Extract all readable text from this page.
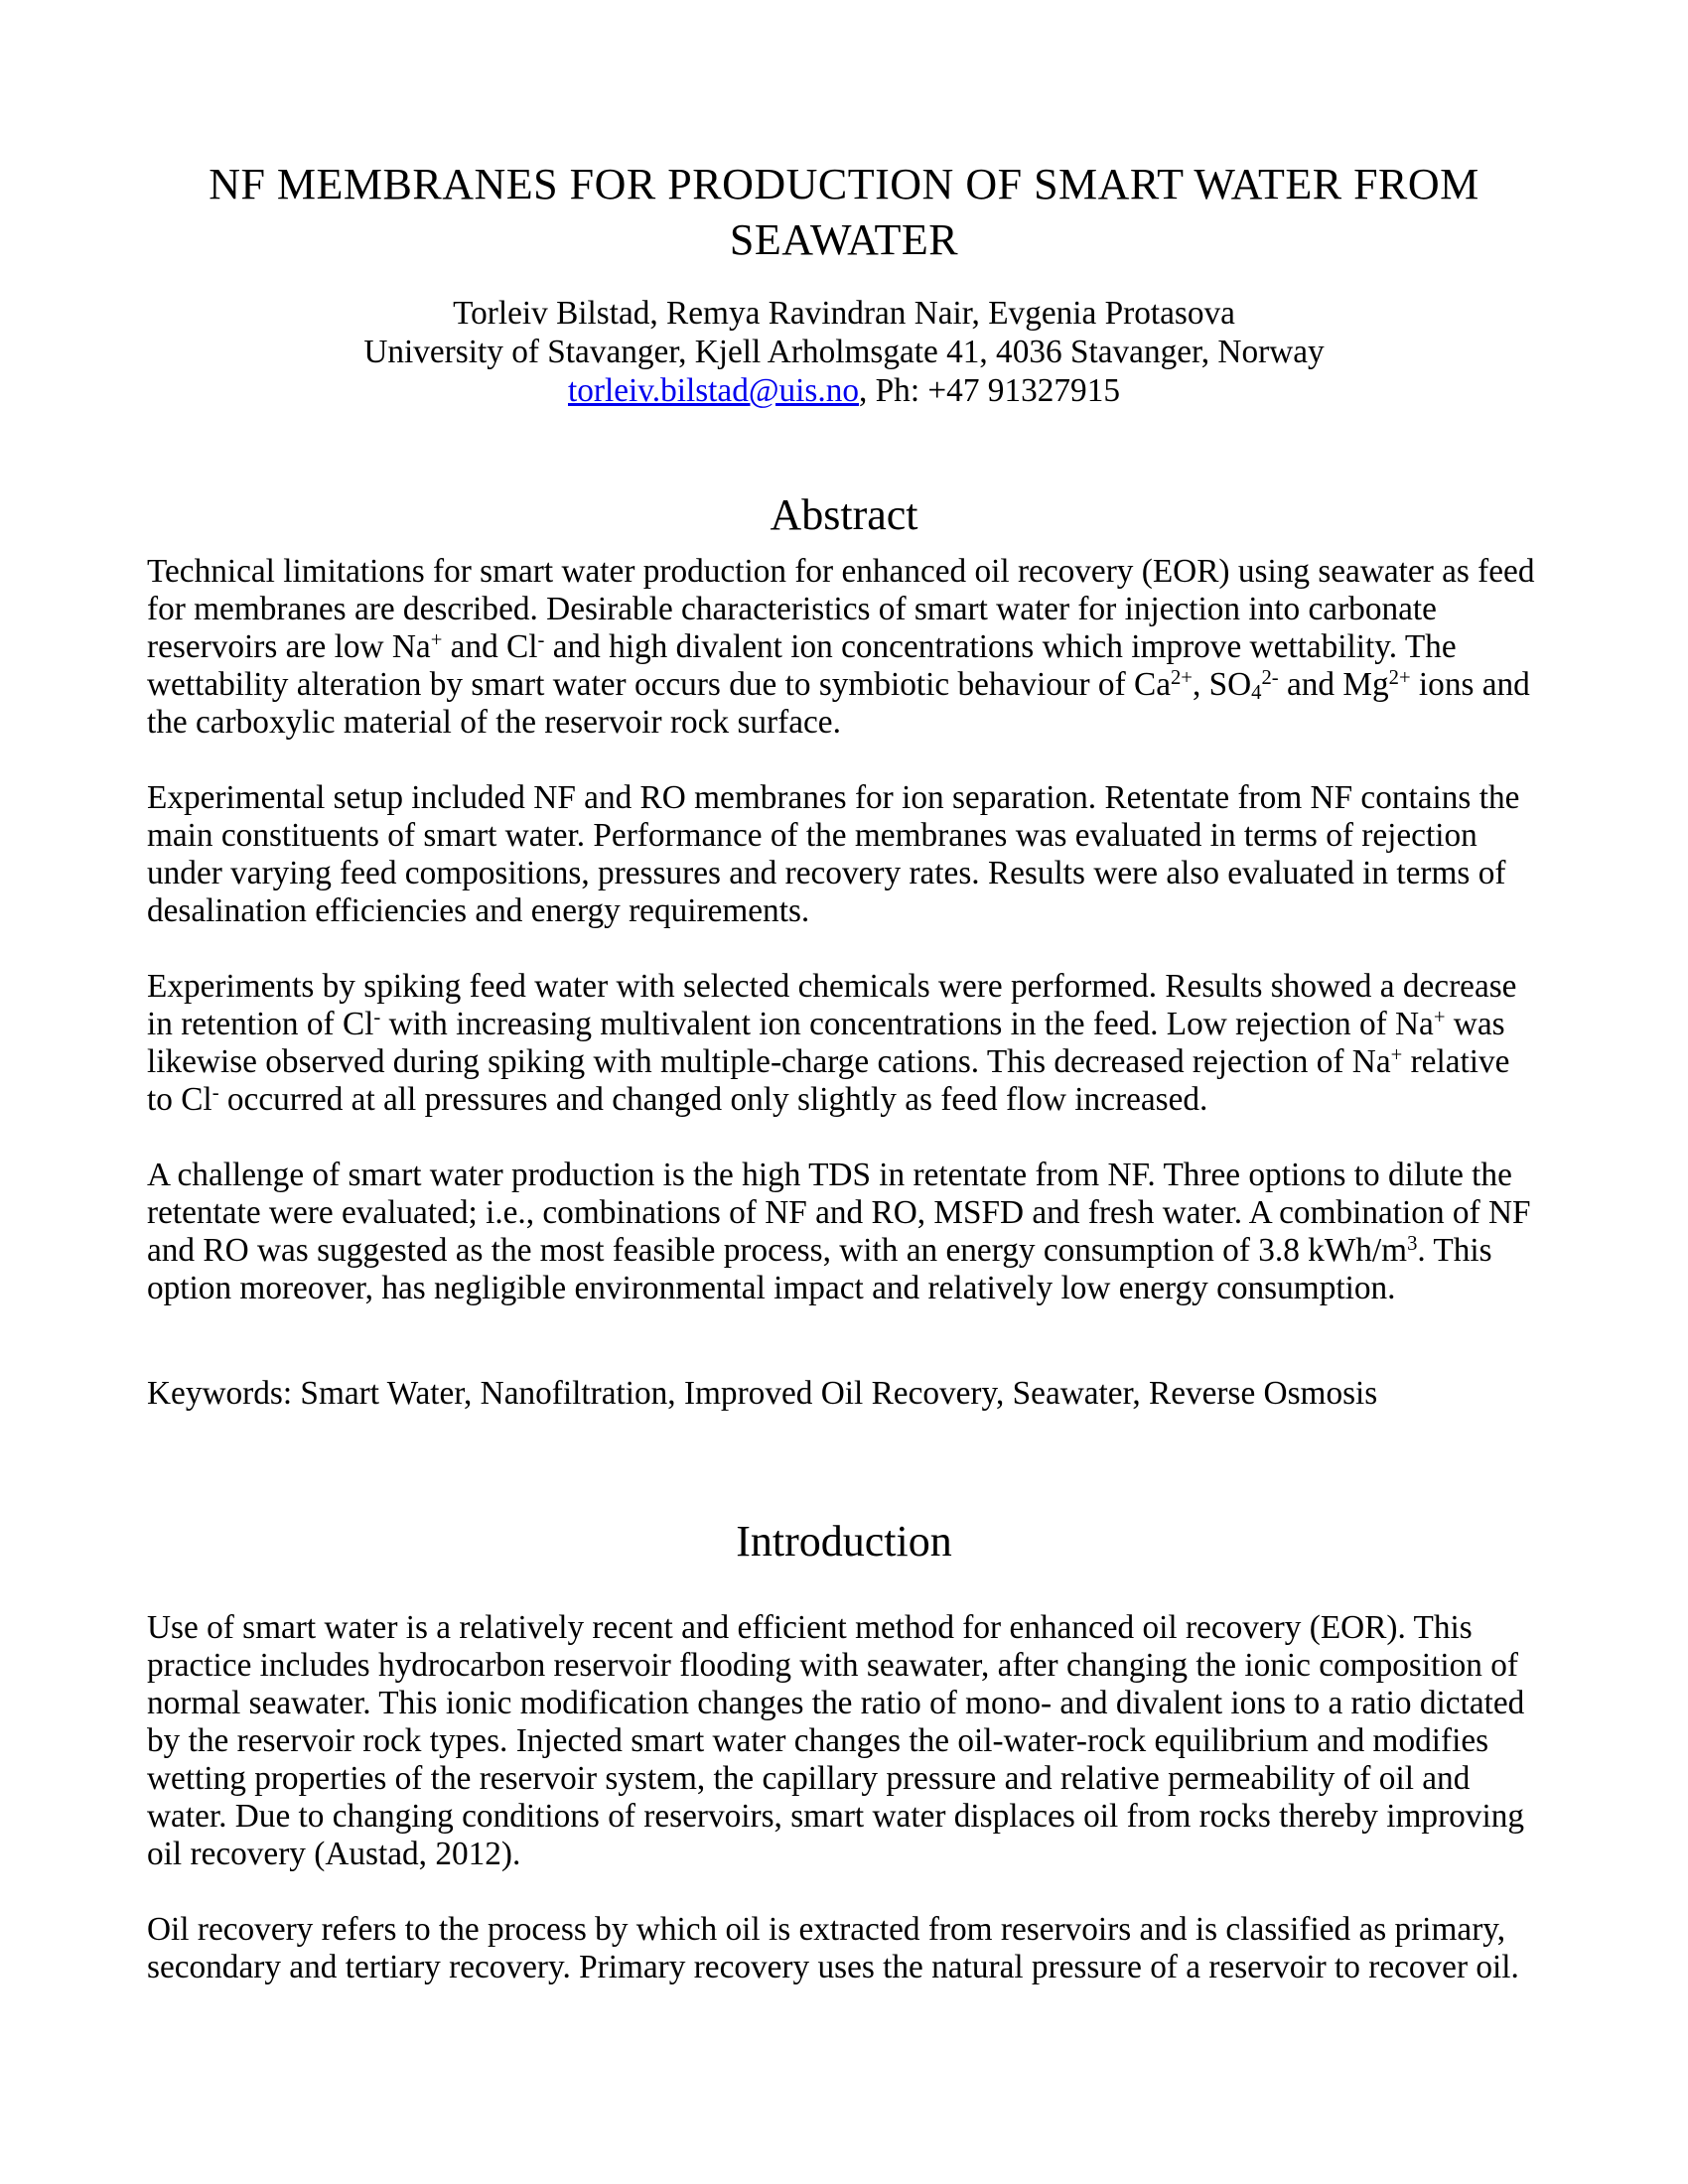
NF MEMBRANES FOR PRODUCTION OF SMART WATER FROM
SEAWATER
Torleiv Bilstad, Remya Ravindran Nair, Evgenia Protasova
University of Stavanger, Kjell Arholmsgate 41, 4036 Stavanger, Norway
torleiv.bilstad@uis.no, Ph: +47 91327915
Abstract
Technical limitations for smart water production for enhanced oil recovery (EOR) using seawater as feed for membranes are described. Desirable characteristics of smart water for injection into carbonate reservoirs are low Na+ and Cl- and high divalent ion concentrations which improve wettability. The wettability alteration by smart water occurs due to symbiotic behaviour of $Ca^{2+}$, $SO_4^{2-}$ and $Mg^{2+}$ ions and the carboxylic material of the reservoir rock surface.
Experimental setup included NF and RO membranes for ion separation. Retentate from NF contains the main constituents of smart water. Performance of the membranes was evaluated in terms of rejection under varying feed compositions, pressures and recovery rates. Results were also evaluated in terms of desalination efficiencies and energy requirements.
Experiments by spiking feed water with selected chemicals were performed. Results showed a decrease in retention of Cl- with increasing multivalent ion concentrations in the feed. Low rejection of Na+ was likewise observed during spiking with multiple-charge cations. This decreased rejection of Na+ relative to Cl- occurred at all pressures and changed only slightly as feed flow increased.
A challenge of smart water production is the high TDS in retentate from NF. Three options to dilute the retentate were evaluated; i.e., combinations of NF and RO, MSFD and fresh water. A combination of NF and RO was suggested as the most feasible process, with an energy consumption of 3.8 kWh/$m^3$. This option moreover, has negligible environmental impact and relatively low energy consumption.
Keywords: Smart Water, Nanofiltration, Improved Oil Recovery, Seawater, Reverse Osmosis
Introduction
Use of smart water is a relatively recent and efficient method for enhanced oil recovery (EOR). This practice includes hydrocarbon reservoir flooding with seawater, after changing the ionic composition of normal seawater. This ionic modification changes the ratio of mono- and divalent ions to a ratio dictated by the reservoir rock types. Injected smart water changes the oil-water-rock equilibrium and modifies wetting properties of the reservoir system, the capillary pressure and relative permeability of oil and water. Due to changing conditions of reservoirs, smart water displaces oil from rocks thereby improving oil recovery (Austad, 2012).
Oil recovery refers to the process by which oil is extracted from reservoirs and is classified as primary, secondary and tertiary recovery. Primary recovery uses the natural pressure of a reservoir to recover oil.
